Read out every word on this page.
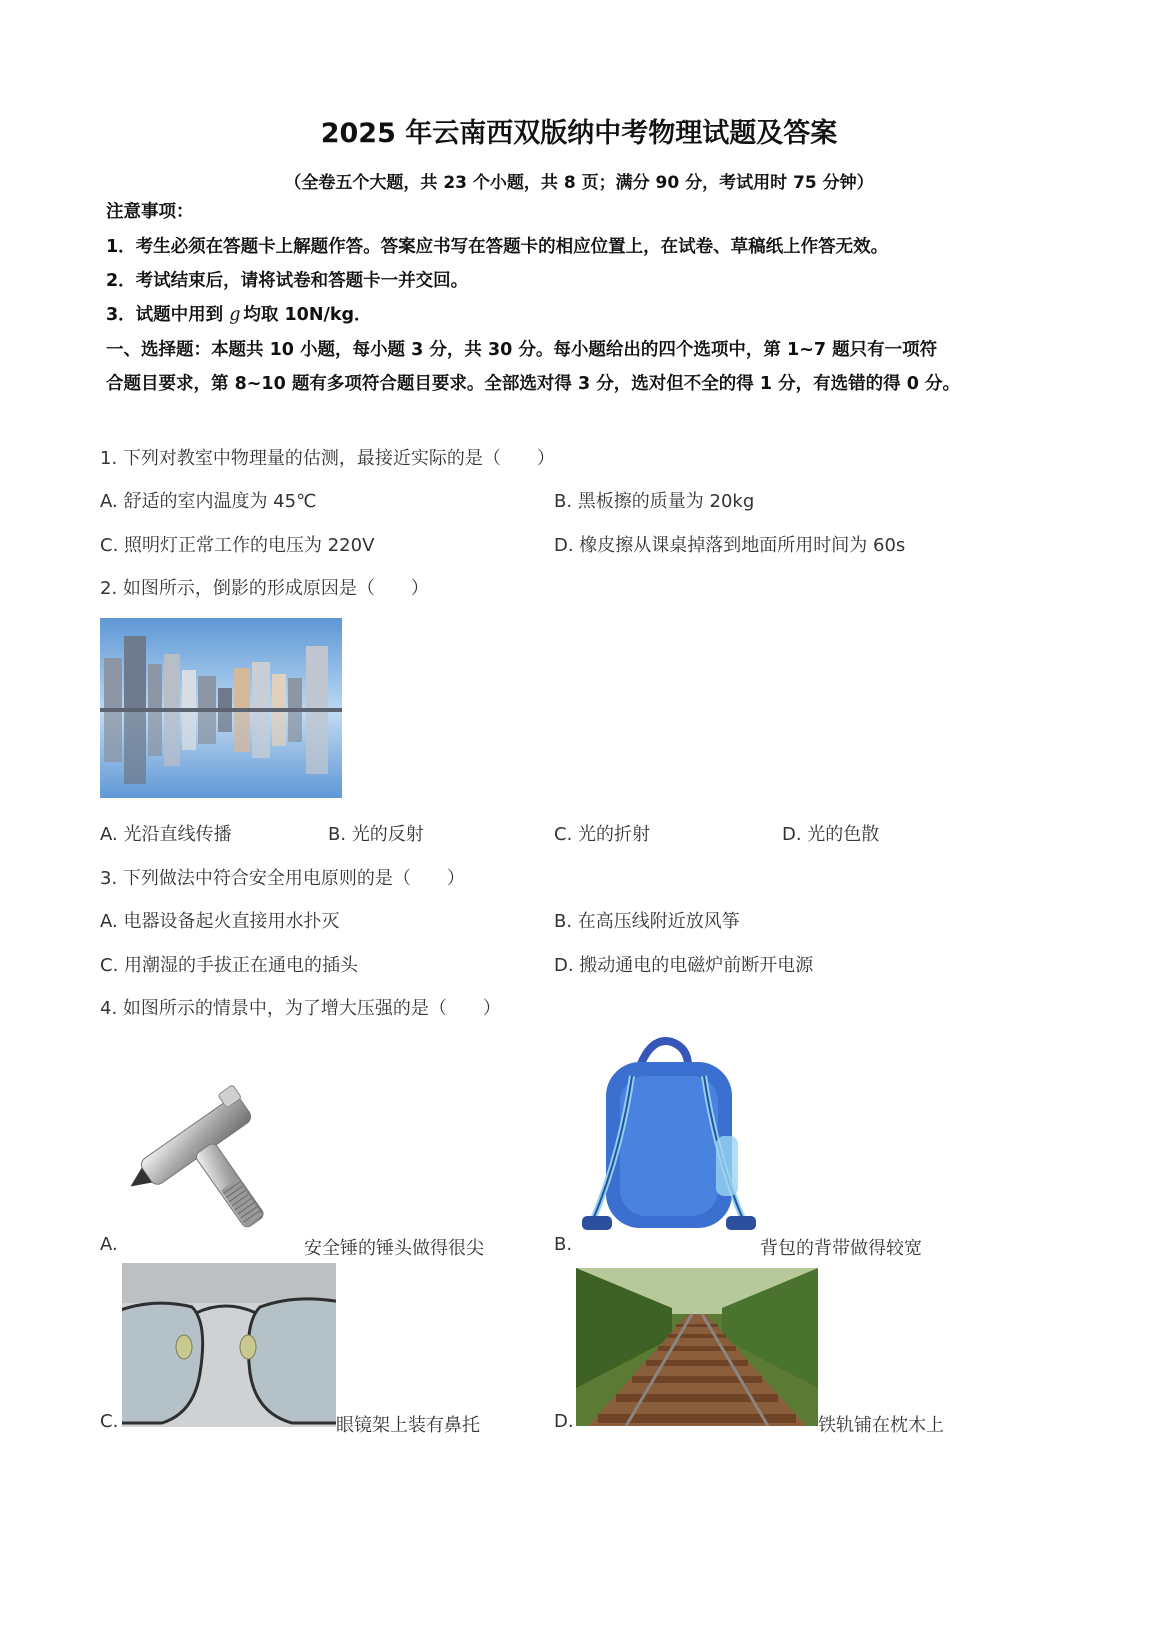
2025 年云南西双版纳中考物理试题及答案
（全卷五个大题，共 23 个小题，共 8 页；满分 90 分，考试用时 75 分钟）
注意事项：
1．考生必须在答题卡上解题作答。答案应书写在答题卡的相应位置上，在试卷、草稿纸上作答无效。
2．考试结束后，请将试卷和答题卡一并交回。
3．试题中用到 g 均取 10N/kg．
一、选择题：本题共 10 小题，每小题 3 分，共 30 分。每小题给出的四个选项中，第 1~7 题只有一项符
合题目要求，第 8~10 题有多项符合题目要求。全部选对得 3 分，选对但不全的得 1 分，有选错的得 0 分。
1. 下列对教室中物理量的估测，最接近实际的是（　　）
A. 舒适的室内温度为 45℃	B. 黑板擦的质量为 20kg
C. 照明灯正常工作的电压为 220V	D. 橡皮擦从课桌掉落到地面所用时间为 60s
2. 如图所示，倒影的形成原因是（　　）
A. 光沿直线传播	B. 光的反射	C. 光的折射	D. 光的色散
3. 下列做法中符合安全用电原则的是（　　）
A. 电器设备起火直接用水扑灭	B. 在高压线附近放风筝
C. 用潮湿的手拔正在通电的插头	D. 搬动通电的电磁炉前断开电源
4. 如图所示的情景中，为了增大压强的是（　　）
A.	安全锤的锤头做得很尖	B.	背包的背带做得较宽
C.	眼镜架上装有鼻托	D.	铁轨铺在枕木上
